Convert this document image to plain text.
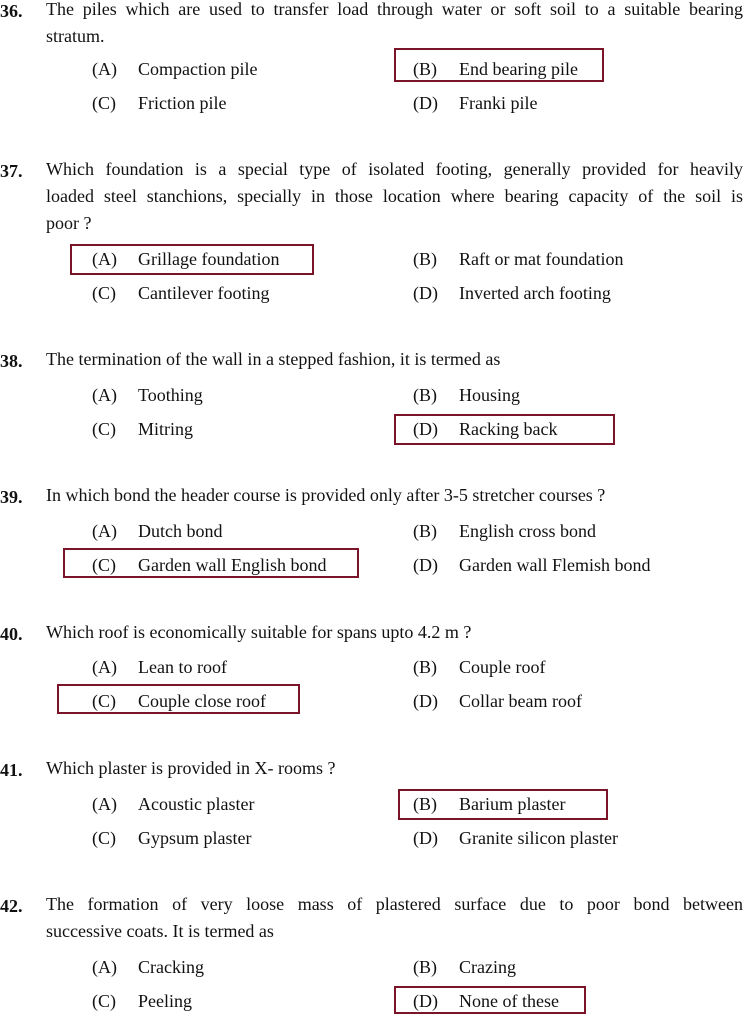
36. The piles which are used to transfer load through water or soft soil to a suitable bearing
stratum.
(A) Compaction pile	(B) End bearing pile
(C) Friction pile	(D) Franki pile
37. Which foundation is a special type of isolated footing, generally provided for heavily
loaded steel stanchions, specially in those location where bearing capacity of the soil is
poor ?
(A) Grillage foundation	(B) Raft or mat foundation
(C) Cantilever footing	(D) Inverted arch footing
38. The termination of the wall in a stepped fashion, it is termed as
(A) Toothing	(B) Housing
(C) Mitring	(D) Racking back
39. In which bond the header course is provided only after 3-5 stretcher courses ?
(A) Dutch bond	(B) English cross bond
(C) Garden wall English bond	(D) Garden wall Flemish bond
40. Which roof is economically suitable for spans upto 4.2 m ?
(A) Lean to roof	(B) Couple roof
(C) Couple close roof	(D) Collar beam roof
41. Which plaster is provided in X- rooms ?
(A) Acoustic plaster	(B) Barium plaster
(C) Gypsum plaster	(D) Granite silicon plaster
42. The formation of very loose mass of plastered surface due to poor bond between
successive coats. It is termed as
(A) Cracking	(B) Crazing
(C) Peeling	(D) None of these
